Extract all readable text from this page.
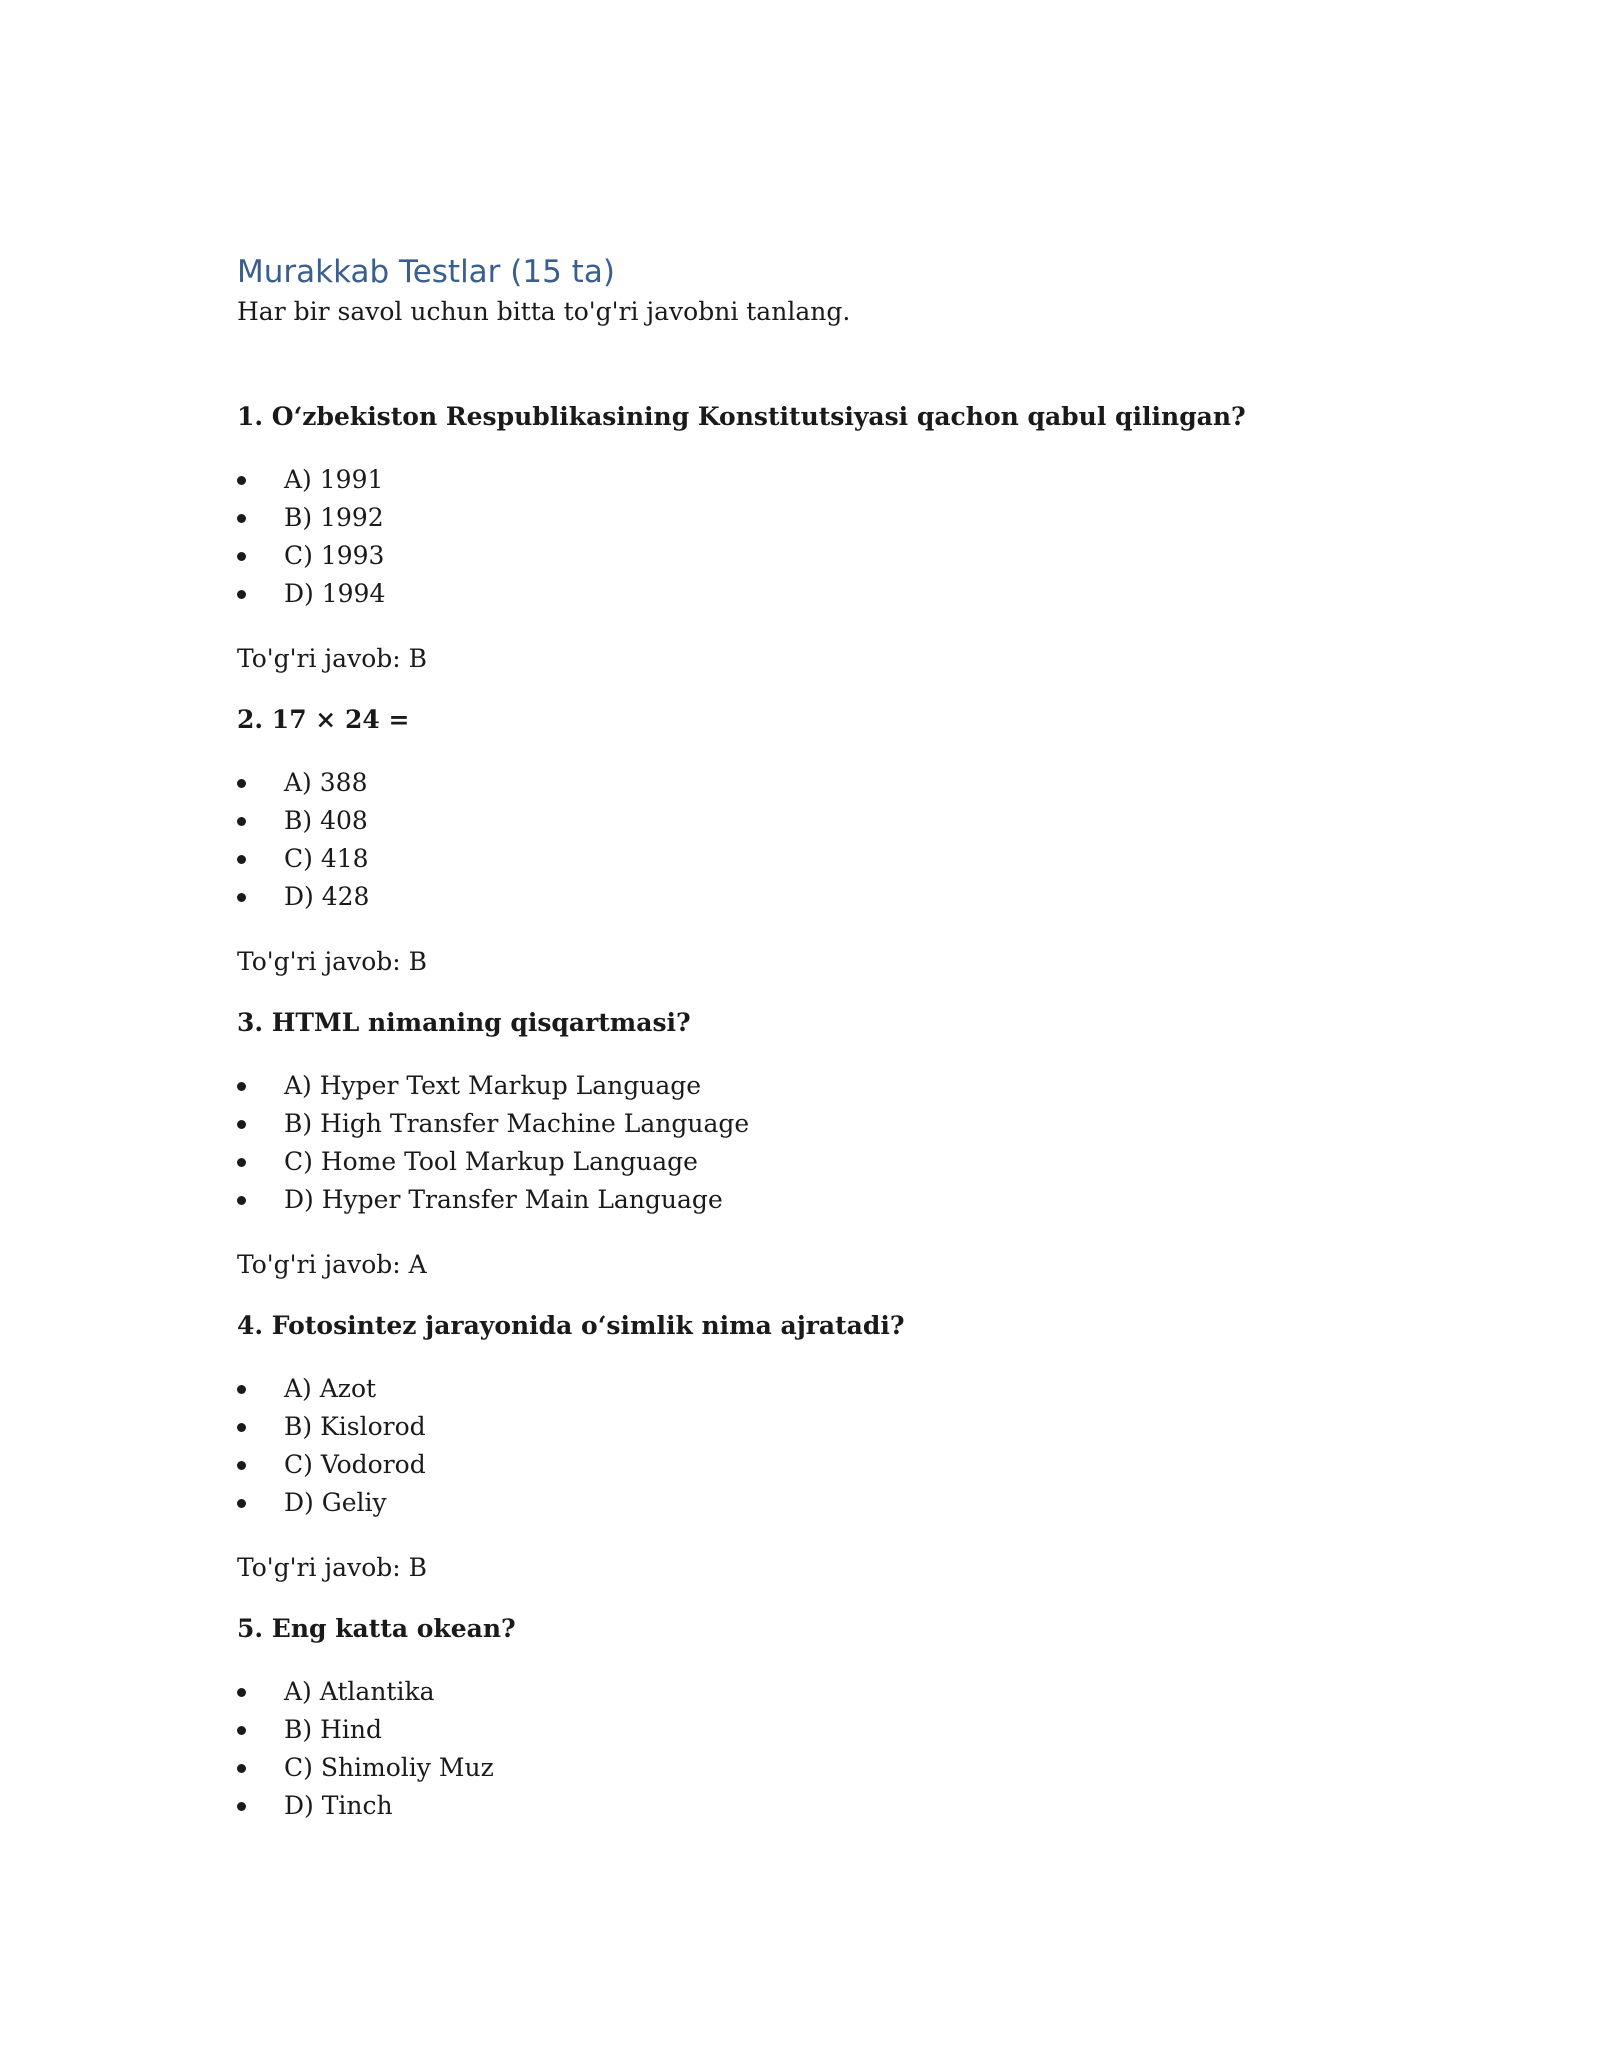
Murakkab Testlar (15 ta)

Har bir savol uchun bitta to'g'ri javobni tanlang.

1. O‘zbekiston Respublikasining Konstitutsiyasi qachon qabul qilingan?

A) 1991
B) 1992
C) 1993
D) 1994

To'g'ri javob: B

2. 17 × 24 =

A) 388
B) 408
C) 418
D) 428

To'g'ri javob: B

3. HTML nimaning qisqartmasi?

A) Hyper Text Markup Language
B) High Transfer Machine Language
C) Home Tool Markup Language
D) Hyper Transfer Main Language

To'g'ri javob: A

4. Fotosintez jarayonida o‘simlik nima ajratadi?

A) Azot
B) Kislorod
C) Vodorod
D) Geliy

To'g'ri javob: B

5. Eng katta okean?

A) Atlantika
B) Hind
C) Shimoliy Muz
D) Tinch
